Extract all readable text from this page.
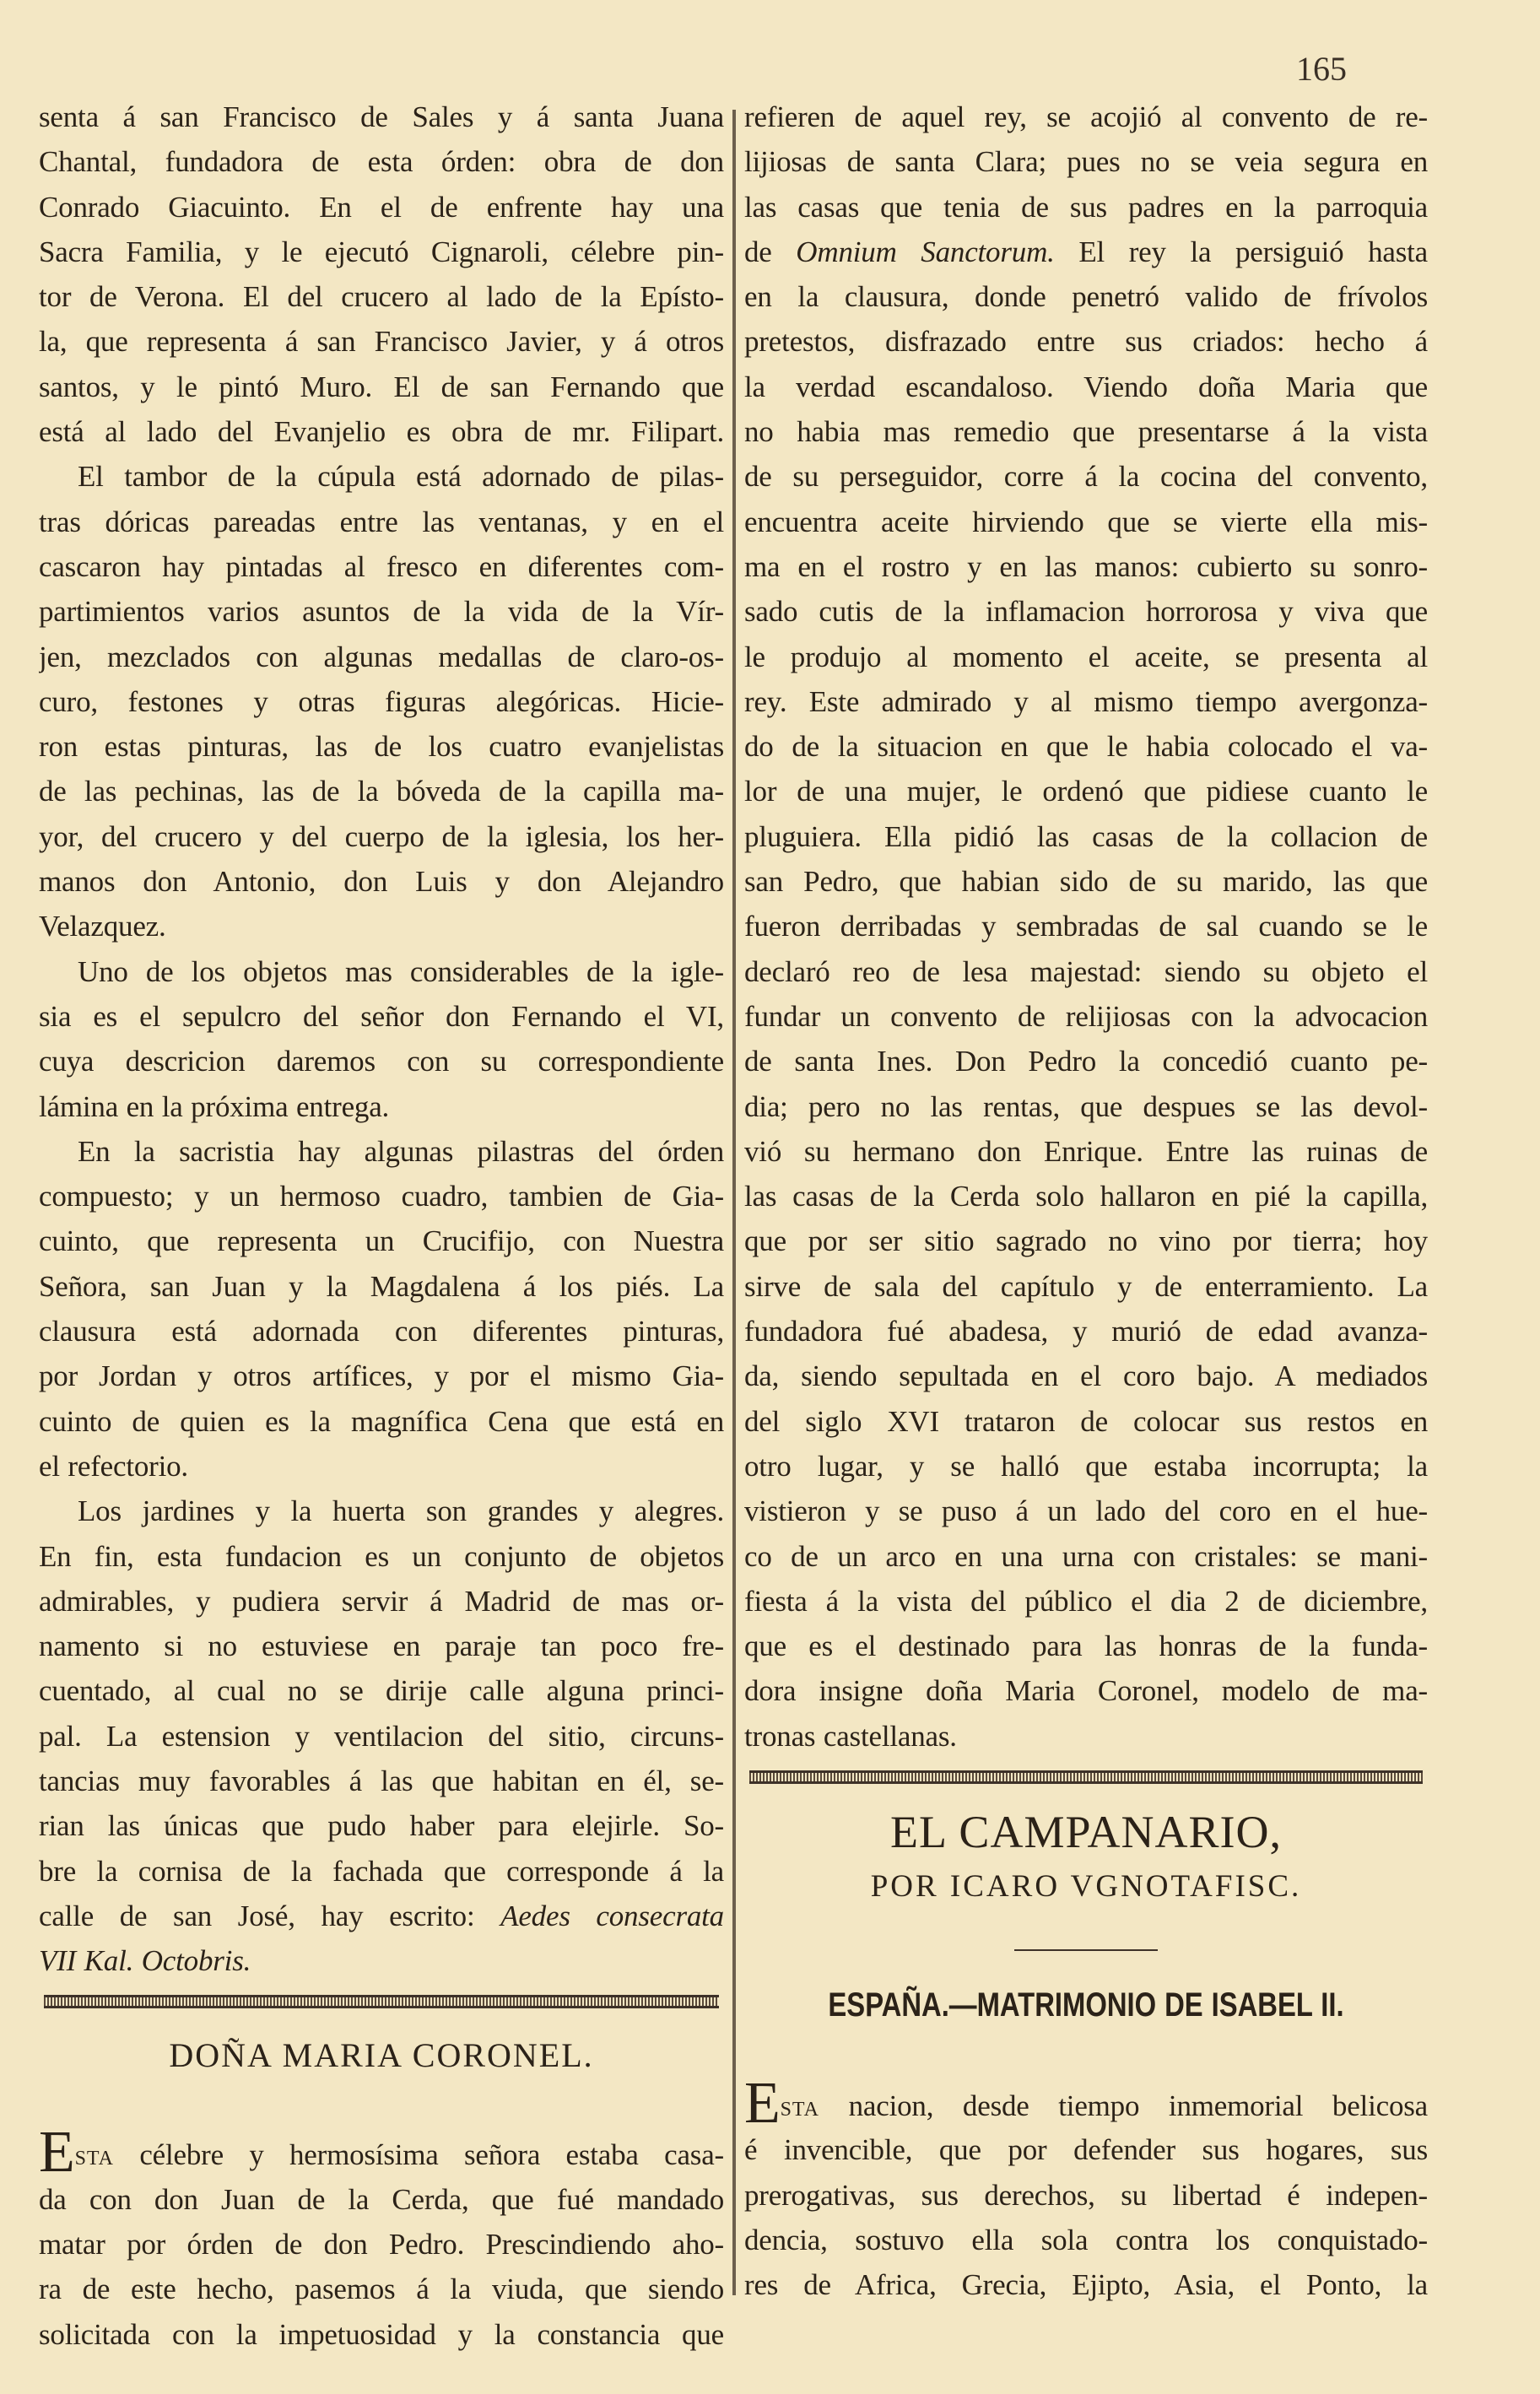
165
senta á san Francisco de Sales y á santa Juana
Chantal, fundadora de esta órden: obra de don
Conrado Giacuinto. En el de enfrente hay una
Sacra Familia, y le ejecutó Cignaroli, célebre pin-
tor de Verona. El del crucero al lado de la Epísto-
la, que representa á san Francisco Javier, y á otros
santos, y le pintó Muro. El de san Fernando que
está al lado del Evanjelio es obra de mr. Filipart.
El tambor de la cúpula está adornado de pilas-
tras dóricas pareadas entre las ventanas, y en el
cascaron hay pintadas al fresco en diferentes com-
partimientos varios asuntos de la vida de la Vír-
jen, mezclados con algunas medallas de claro-os-
curo, festones y otras figuras alegóricas. Hicie-
ron estas pinturas, las de los cuatro evanjelistas
de las pechinas, las de la bóveda de la capilla ma-
yor, del crucero y del cuerpo de la iglesia, los her-
manos don Antonio, don Luis y don Alejandro
Velazquez.
Uno de los objetos mas considerables de la igle-
sia es el sepulcro del señor don Fernando el VI,
cuya descricion daremos con su correspondiente
lámina en la próxima entrega.
En la sacristia hay algunas pilastras del órden
compuesto; y un hermoso cuadro, tambien de Gia-
cuinto, que representa un Crucifijo, con Nuestra
Señora, san Juan y la Magdalena á los piés. La
clausura está adornada con diferentes pinturas,
por Jordan y otros artífices, y por el mismo Gia-
cuinto de quien es la magnífica Cena que está en
el refectorio.
Los jardines y la huerta son grandes y alegres.
En fin, esta fundacion es un conjunto de objetos
admirables, y pudiera servir á Madrid de mas or-
namento si no estuviese en paraje tan poco fre-
cuentado, al cual no se dirije calle alguna princi-
pal. La estension y ventilacion del sitio, circuns-
tancias muy favorables á las que habitan en él, se-
rian las únicas que pudo haber para elejirle. So-
bre la cornisa de la fachada que corresponde á la
calle de san José, hay escrito: Aedes consecrata
VII Kal. Octobris.
DOÑA MARIA CORONEL.
ESTA célebre y hermosísima señora estaba casa-
da con don Juan de la Cerda, que fué mandado
matar por órden de don Pedro. Prescindiendo aho-
ra de este hecho, pasemos á la viuda, que siendo
solicitada con la impetuosidad y la constancia que
refieren de aquel rey, se acojió al convento de re-
lijiosas de santa Clara; pues no se veia segura en
las casas que tenia de sus padres en la parroquia
de Omnium Sanctorum. El rey la persiguió hasta
en la clausura, donde penetró valido de frívolos
pretestos, disfrazado entre sus criados: hecho á
la verdad escandaloso. Viendo doña Maria que
no habia mas remedio que presentarse á la vista
de su perseguidor, corre á la cocina del convento,
encuentra aceite hirviendo que se vierte ella mis-
ma en el rostro y en las manos: cubierto su sonro-
sado cutis de la inflamacion horrorosa y viva que
le produjo al momento el aceite, se presenta al
rey. Este admirado y al mismo tiempo avergonza-
do de la situacion en que le habia colocado el va-
lor de una mujer, le ordenó que pidiese cuanto le
pluguiera. Ella pidió las casas de la collacion de
san Pedro, que habian sido de su marido, las que
fueron derribadas y sembradas de sal cuando se le
declaró reo de lesa majestad: siendo su objeto el
fundar un convento de relijiosas con la advocacion
de santa Ines. Don Pedro la concedió cuanto pe-
dia; pero no las rentas, que despues se las devol-
vió su hermano don Enrique. Entre las ruinas de
las casas de la Cerda solo hallaron en pié la capilla,
que por ser sitio sagrado no vino por tierra; hoy
sirve de sala del capítulo y de enterramiento. La
fundadora fué abadesa, y murió de edad avanza-
da, siendo sepultada en el coro bajo. A mediados
del siglo XVI trataron de colocar sus restos en
otro lugar, y se halló que estaba incorrupta; la
vistieron y se puso á un lado del coro en el hue-
co de un arco en una urna con cristales: se mani-
fiesta á la vista del público el dia 2 de diciembre,
que es el destinado para las honras de la funda-
dora insigne doña Maria Coronel, modelo de ma-
tronas castellanas.
EL CAMPANARIO,
POR ICARO VGNOTAFISC.
ESPAÑA.—MATRIMONIO DE ISABEL II.
ESTA nacion, desde tiempo inmemorial belicosa
é invencible, que por defender sus hogares, sus
prerogativas, sus derechos, su libertad é indepen-
dencia, sostuvo ella sola contra los conquistado-
res de Africa, Grecia, Ejipto, Asia, el Ponto, la
